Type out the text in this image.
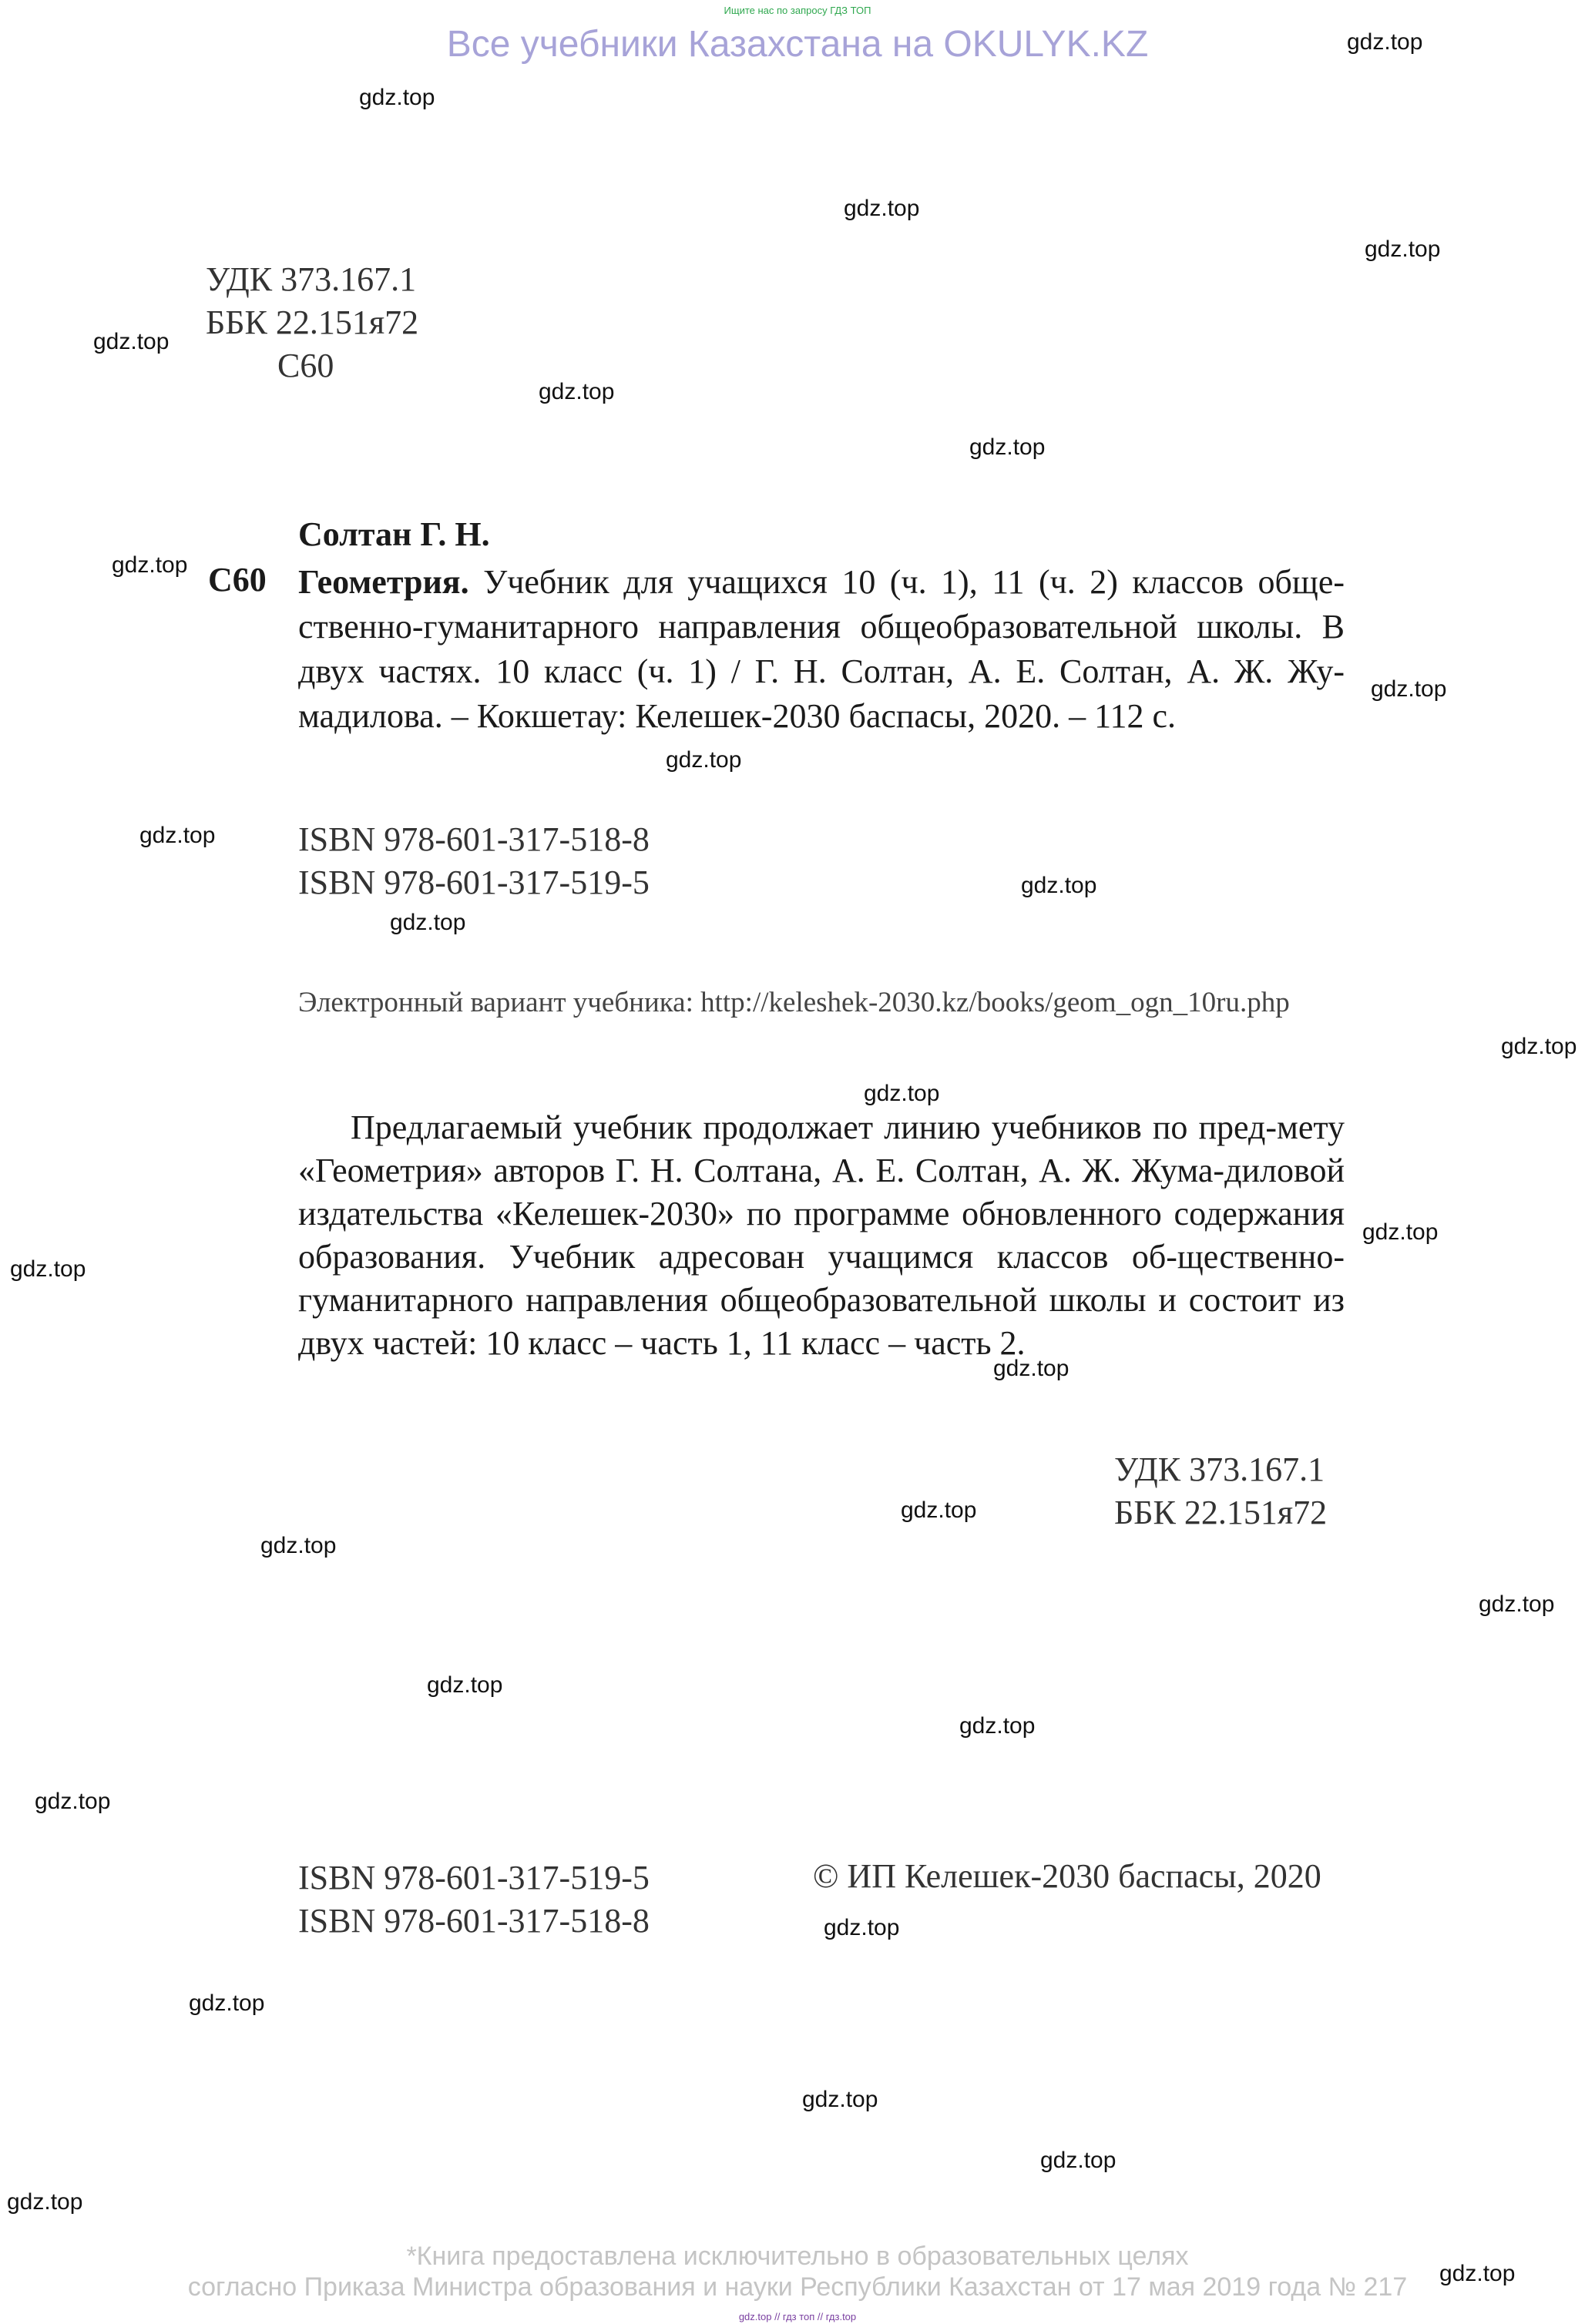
Ищите нас по запросу ГДЗ ТОП
Все учебники Казахстана на OKULYK.KZ	gdz.top
gdz.top
gdz.top
gdz.top
gdz.top
gdz.top
gdz.top
gdz.top
gdz.top
gdz.top
gdz.top
gdz.top
gdz.top
gdz.top
gdz.top
gdz.top
gdz.top
gdz.top
gdz.top
gdz.top
gdz.top
gdz.top
gdz.top
gdz.top
gdz.top
gdz.top
gdz.top
gdz.top
gdz.top
gdz.top
УДК 373.167.1
ББК 22.151я72
С60
Солтан Г. Н.
С60 Геометрия. Учебник для учащихся 10 (ч. 1), 11 (ч. 2) классов обще-ственно-гуманитарного направления общеобразовательной школы. В двух частях. 10 класс (ч. 1) / Г. Н. Солтан, А. Е. Солтан, А. Ж. Жу-мадилова. – Кокшетау: Келешек-2030 баспасы, 2020. – 112 с.
ISBN 978-601-317-518-8
ISBN 978-601-317-519-5
Электронный вариант учебника: http://keleshek-2030.kz/books/geom_ogn_10ru.php
Предлагаемый учебник продолжает линию учебников по пред-мету «Геометрия» авторов Г. Н. Солтана, А. Е. Солтан, А. Ж. Жума-диловой издательства «Келешек-2030» по программе обновленного содержания образования. Учебник адресован учащимся классов об-щественно-гуманитарного направления общеобразовательной школы и состоит из двух частей: 10 класс – часть 1, 11 класс – часть 2.
УДК 373.167.1
ББК 22.151я72
ISBN 978-601-317-519-5
ISBN 978-601-317-518-8
© ИП Келешек-2030 баспасы, 2020
*Книга предоставлена исключительно в образовательных целях
согласно Приказа Министра образования и науки Республики Казахстан от 17 мая 2019 года № 217
gdz.top // гдз топ // гдз.top
